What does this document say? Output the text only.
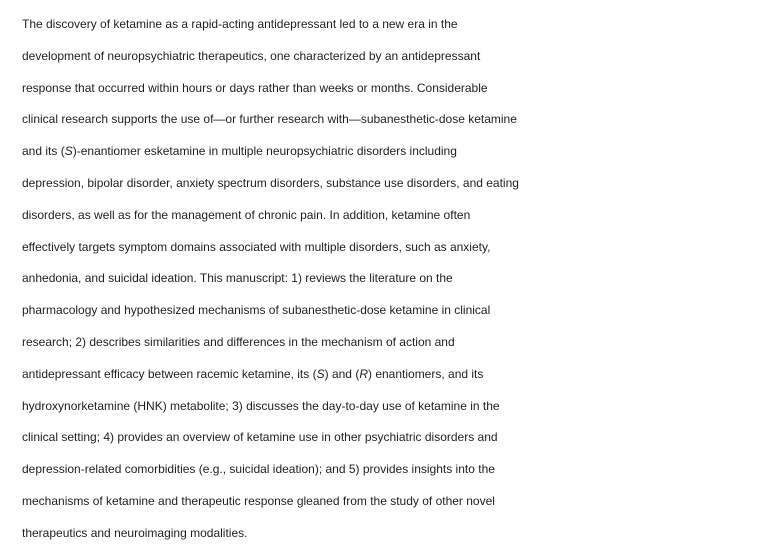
The discovery of ketamine as a rapid-acting antidepressant led to a new era in the
development of neuropsychiatric therapeutics, one characterized by an antidepressant
response that occurred within hours or days rather than weeks or months. Considerable
clinical research supports the use of—or further research with—subanesthetic-dose ketamine
and its (S)-enantiomer esketamine in multiple neuropsychiatric disorders including
depression, bipolar disorder, anxiety spectrum disorders, substance use disorders, and eating
disorders, as well as for the management of chronic pain. In addition, ketamine often
effectively targets symptom domains associated with multiple disorders, such as anxiety,
anhedonia, and suicidal ideation. This manuscript: 1) reviews the literature on the
pharmacology and hypothesized mechanisms of subanesthetic-dose ketamine in clinical
research; 2) describes similarities and differences in the mechanism of action and
antidepressant efficacy between racemic ketamine, its (S) and (R) enantiomers, and its
hydroxynorketamine (HNK) metabolite; 3) discusses the day-to-day use of ketamine in the
clinical setting; 4) provides an overview of ketamine use in other psychiatric disorders and
depression-related comorbidities (e.g., suicidal ideation); and 5) provides insights into the
mechanisms of ketamine and therapeutic response gleaned from the study of other novel
therapeutics and neuroimaging modalities.
